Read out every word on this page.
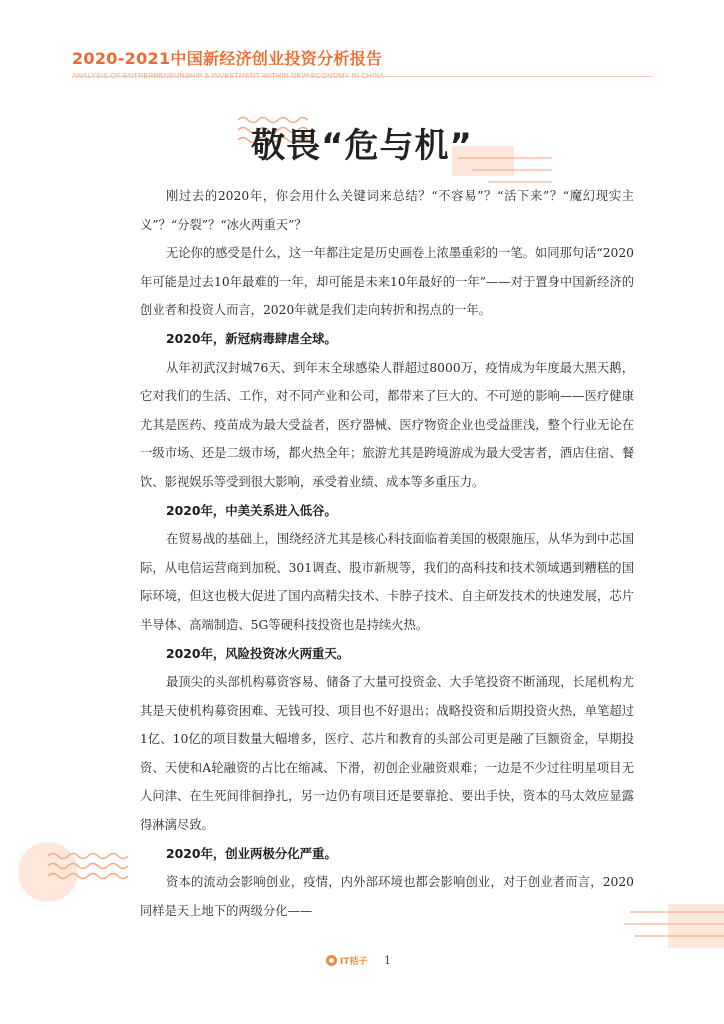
2020-2021中国新经济创业投资分析报告
敬畏“危与机”

刚过去的2020年，你会用什么关键词来总结？“不容易”？“活下来”？“魔幻现实主义”？“分裂”？“冰火两重天”？

无论你的感受是什么，这一年都注定是历史画卷上浓墨重彩的一笔。如同那句话“2020年可能是过去10年最难的一年，却可能是未来10年最好的一年”——对于置身中国新经济的创业者和投资人而言，2020年就是我们走向转折和拐点的一年。

2020年，新冠病毒肆虐全球。

从年初武汉封城76天、到年末全球感染人群超过8000万，疫情成为年度最大黑天鹅，它对我们的生活、工作，对不同产业和公司，都带来了巨大的、不可逆的影响——医疗健康尤其是医药、疫苗成为最大受益者，医疗器械、医疗物资企业也受益匪浅，整个行业无论在一级市场、还是二级市场，都火热全年；旅游尤其是跨境游成为最大受害者，酒店住宿、餐饮、影视娱乐等受到很大影响，承受着业绩、成本等多重压力。

2020年，中美关系进入低谷。

在贸易战的基础上，围绕经济尤其是核心科技面临着美国的极限施压，从华为到中芯国际，从电信运营商到加税、301调查、股市新规等，我们的高科技和技术领域遇到糟糕的国际环境，但这也极大促进了国内高精尖技术、卡脖子技术、自主研发技术的快速发展，芯片半导体、高端制造、5G等硬科技投资也是持续火热。

2020年，风险投资冰火两重天。

最顶尖的头部机构募资容易、储备了大量可投资金、大手笔投资不断涌现，长尾机构尤其是天使机构募资困难、无钱可投、项目也不好退出；战略投资和后期投资火热，单笔超过1亿、10亿的项目数量大幅增多，医疗、芯片和教育的头部公司更是融了巨额资金，早期投资、天使和A轮融资的占比在缩减、下滑，初创企业融资艰难；一边是不少过往明星项目无人问津、在生死间徘徊挣扎，另一边仍有项目还是要靠抢、要出手快，资本的马太效应显露得淋漓尽致。

2020年，创业两极分化严重。

资本的流动会影响创业，疫情，内外部环境也都会影响创业，对于创业者而言，2020同样是天上地下的两级分化——

IT桔子 1
